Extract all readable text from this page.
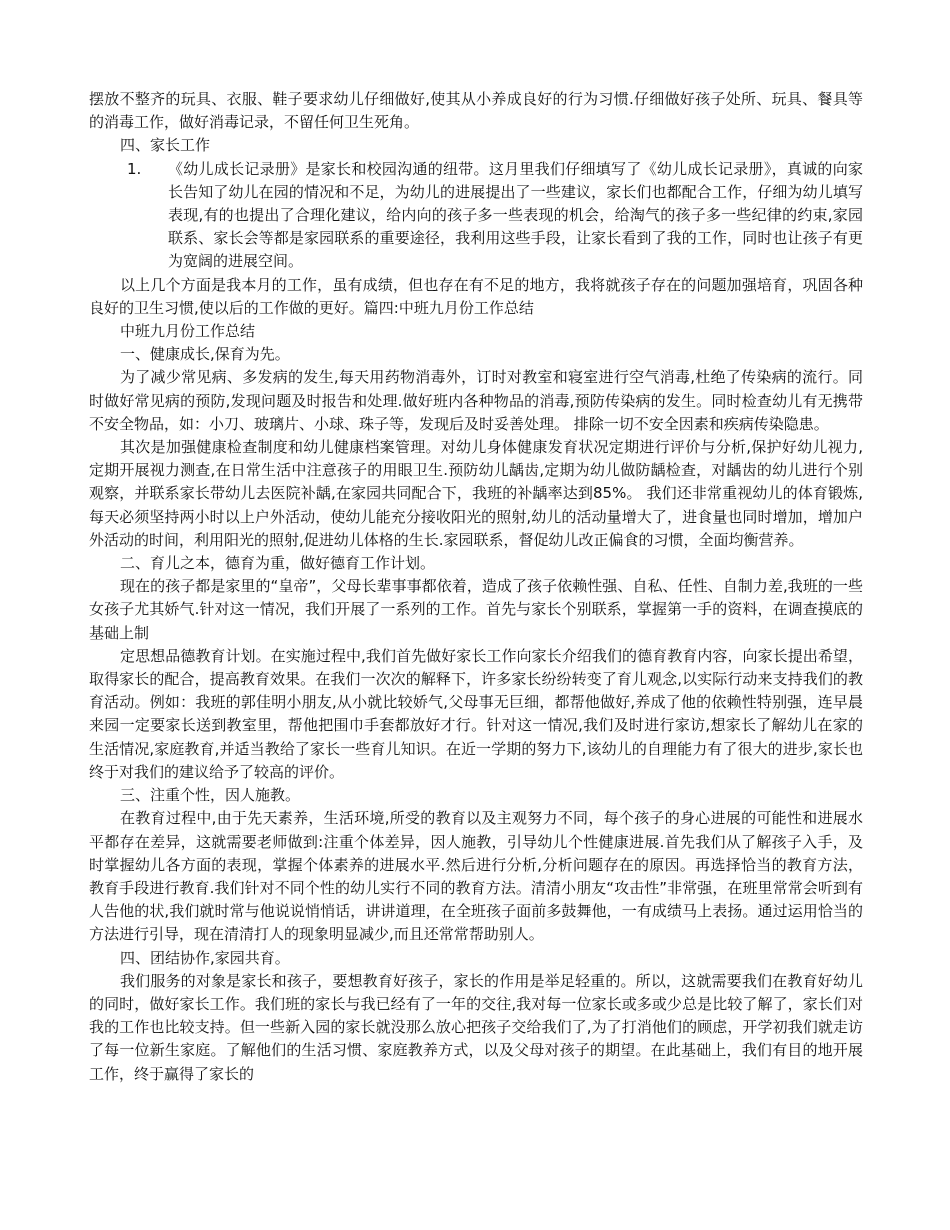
摆放不整齐的玩具、衣服、鞋子要求幼儿仔细做好,使其从小养成良好的行为习惯.仔细做好孩子处所、玩具、餐具等的消毒工作，做好消毒记录，不留任何卫生死角。

四、家长工作

1. 《幼儿成长记录册》是家长和校园沟通的纽带。这月里我们仔细填写了《幼儿成长记录册》，真诚的向家长告知了幼儿在园的情况和不足，为幼儿的进展提出了一些建议，家长们也都配合工作，仔细为幼儿填写表现,有的也提出了合理化建议，给内向的孩子多一些表现的机会，给淘气的孩子多一些纪律的约束,家园联系、家长会等都是家园联系的重要途径，我利用这些手段，让家长看到了我的工作，同时也让孩子有更为宽阔的进展空间。

以上几个方面是我本月的工作，虽有成绩，但也存在有不足的地方，我将就孩子存在的问题加强培育，巩固各种良好的卫生习惯,使以后的工作做的更好。篇四:中班九月份工作总结

中班九月份工作总结

一、健康成长,保育为先。

为了减少常见病、多发病的发生,每天用药物消毒外，订时对教室和寝室进行空气消毒,杜绝了传染病的流行。同时做好常见病的预防,发现问题及时报告和处理.做好班内各种物品的消毒,预防传染病的发生。同时检查幼儿有无携带不安全物品，如：小刀、玻璃片、小球、珠子等，发现后及时妥善处理。 排除一切不安全因素和疾病传染隐患。

其次是加强健康检查制度和幼儿健康档案管理。对幼儿身体健康发育状况定期进行评价与分析,保护好幼儿视力,定期开展视力测查,在日常生活中注意孩子的用眼卫生.预防幼儿龋齿,定期为幼儿做防龋检查，对龋齿的幼儿进行个别观察，并联系家长带幼儿去医院补龋,在家园共同配合下，我班的补龋率达到85%。 我们还非常重视幼儿的体育锻炼,每天必须坚持两小时以上户外活动，使幼儿能充分接收阳光的照射,幼儿的活动量增大了，进食量也同时增加，增加户外活动的时间，利用阳光的照射,促进幼儿体格的生长.家园联系，督促幼儿改正偏食的习惯，全面均衡营养。

二、育儿之本，德育为重，做好德育工作计划。

现在的孩子都是家里的“皇帝”，父母长辈事事都依着，造成了孩子依赖性强、自私、任性、自制力差,我班的一些女孩子尤其娇气.针对这一情况，我们开展了一系列的工作。首先与家长个别联系，掌握第一手的资料，在调查摸底的基础上制

定思想品德教育计划。在实施过程中,我们首先做好家长工作向家长介绍我们的德育教育内容，向家长提出希望，取得家长的配合，提高教育效果。在我们一次次的解释下，许多家长纷纷转变了育儿观念,以实际行动来支持我们的教育活动。例如：我班的郭佳明小朋友,从小就比较娇气,父母事无巨细，都帮他做好,养成了他的依赖性特别强，连早晨来园一定要家长送到教室里，帮他把围巾手套都放好才行。针对这一情况,我们及时进行家访,想家长了解幼儿在家的生活情况,家庭教育,并适当教给了家长一些育儿知识。在近一学期的努力下,该幼儿的自理能力有了很大的进步,家长也终于对我们的建议给予了较高的评价。

三、注重个性，因人施教。

在教育过程中,由于先天素养，生活环境,所受的教育以及主观努力不同，每个孩子的身心进展的可能性和进展水平都存在差异，这就需要老师做到:注重个体差异，因人施教，引导幼儿个性健康进展.首先我们从了解孩子入手，及时掌握幼儿各方面的表现，掌握个体素养的进展水平.然后进行分析,分析问题存在的原因。再选择恰当的教育方法，教育手段进行教育.我们针对不同个性的幼儿实行不同的教育方法。清清小朋友“攻击性”非常强，在班里常常会听到有人告他的状,我们就时常与他说说悄悄话，讲讲道理，在全班孩子面前多鼓舞他，一有成绩马上表扬。通过运用恰当的方法进行引导，现在清清打人的现象明显减少,而且还常常帮助别人。

四、团结协作,家园共育。

我们服务的对象是家长和孩子，要想教育好孩子，家长的作用是举足轻重的。所以，这就需要我们在教育好幼儿的同时，做好家长工作。我们班的家长与我已经有了一年的交往,我对每一位家长或多或少总是比较了解了，家长们对我的工作也比较支持。但一些新入园的家长就没那么放心把孩子交给我们了,为了打消他们的顾虑，开学初我们就走访了每一位新生家庭。了解他们的生活习惯、家庭教养方式，以及父母对孩子的期望。在此基础上，我们有目的地开展工作，终于赢得了家长的
